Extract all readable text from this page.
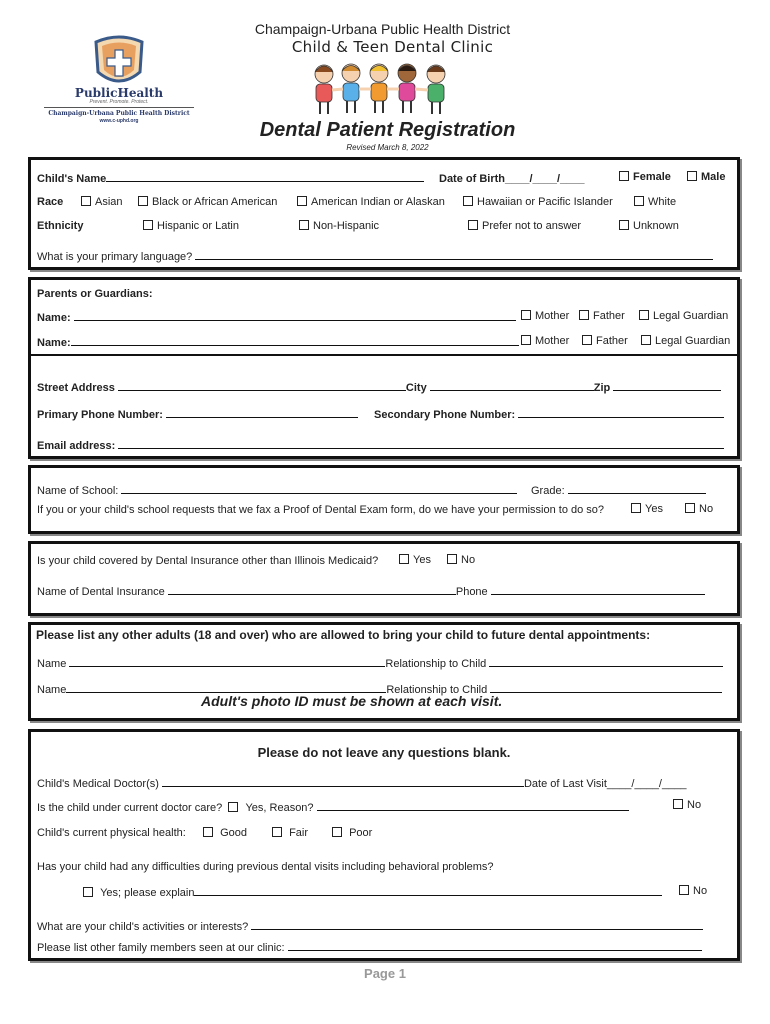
PublicHealth
Prevent. Promote. Protect.
Champaign-Urbana Public Health District
www.c-uphd.org
Champaign-Urbana Public Health District
Child & Teen Dental Clinic
Dental Patient Registration
Revised March 8, 2022
Child's Name	Date of Birth____/____/____	Female	Male
Race	Asian	Black or African American	American Indian or Alaskan	Hawaiian or Pacific Islander	White
Ethnicity	Hispanic or Latin	Non-Hispanic	Prefer not to answer	Unknown
What is your primary language?
Parents or Guardians:
Name:	Mother	Father	Legal Guardian
Name:	Mother	Father	Legal Guardian
Street Address	City	Zip
Primary Phone Number:	Secondary Phone Number:
Email address:
Name of School:	Grade:
If you or your child's school requests that we fax a Proof of Dental Exam form, do we have your permission to do so?	Yes	No
Is your child covered by Dental Insurance other than Illinois Medicaid?	Yes	No
Name of Dental Insurance	Phone
Please list any other adults (18 and over) who are allowed to bring your child to future dental appointments:
Name	Relationship to Child
Name	Relationship to Child
Adult's photo ID must be shown at each visit.
Please do not leave any questions blank.
Child's Medical Doctor(s)	Date of Last Visit____/____/____
Is the child under current doctor care? Yes, Reason?	No
Child's current physical health:	Good	Fair	Poor
Has your child had any difficulties during previous dental visits including behavioral problems?
Yes; please explain	No
What are your child's activities or interests?
Please list other family members seen at our clinic:
Page 1
